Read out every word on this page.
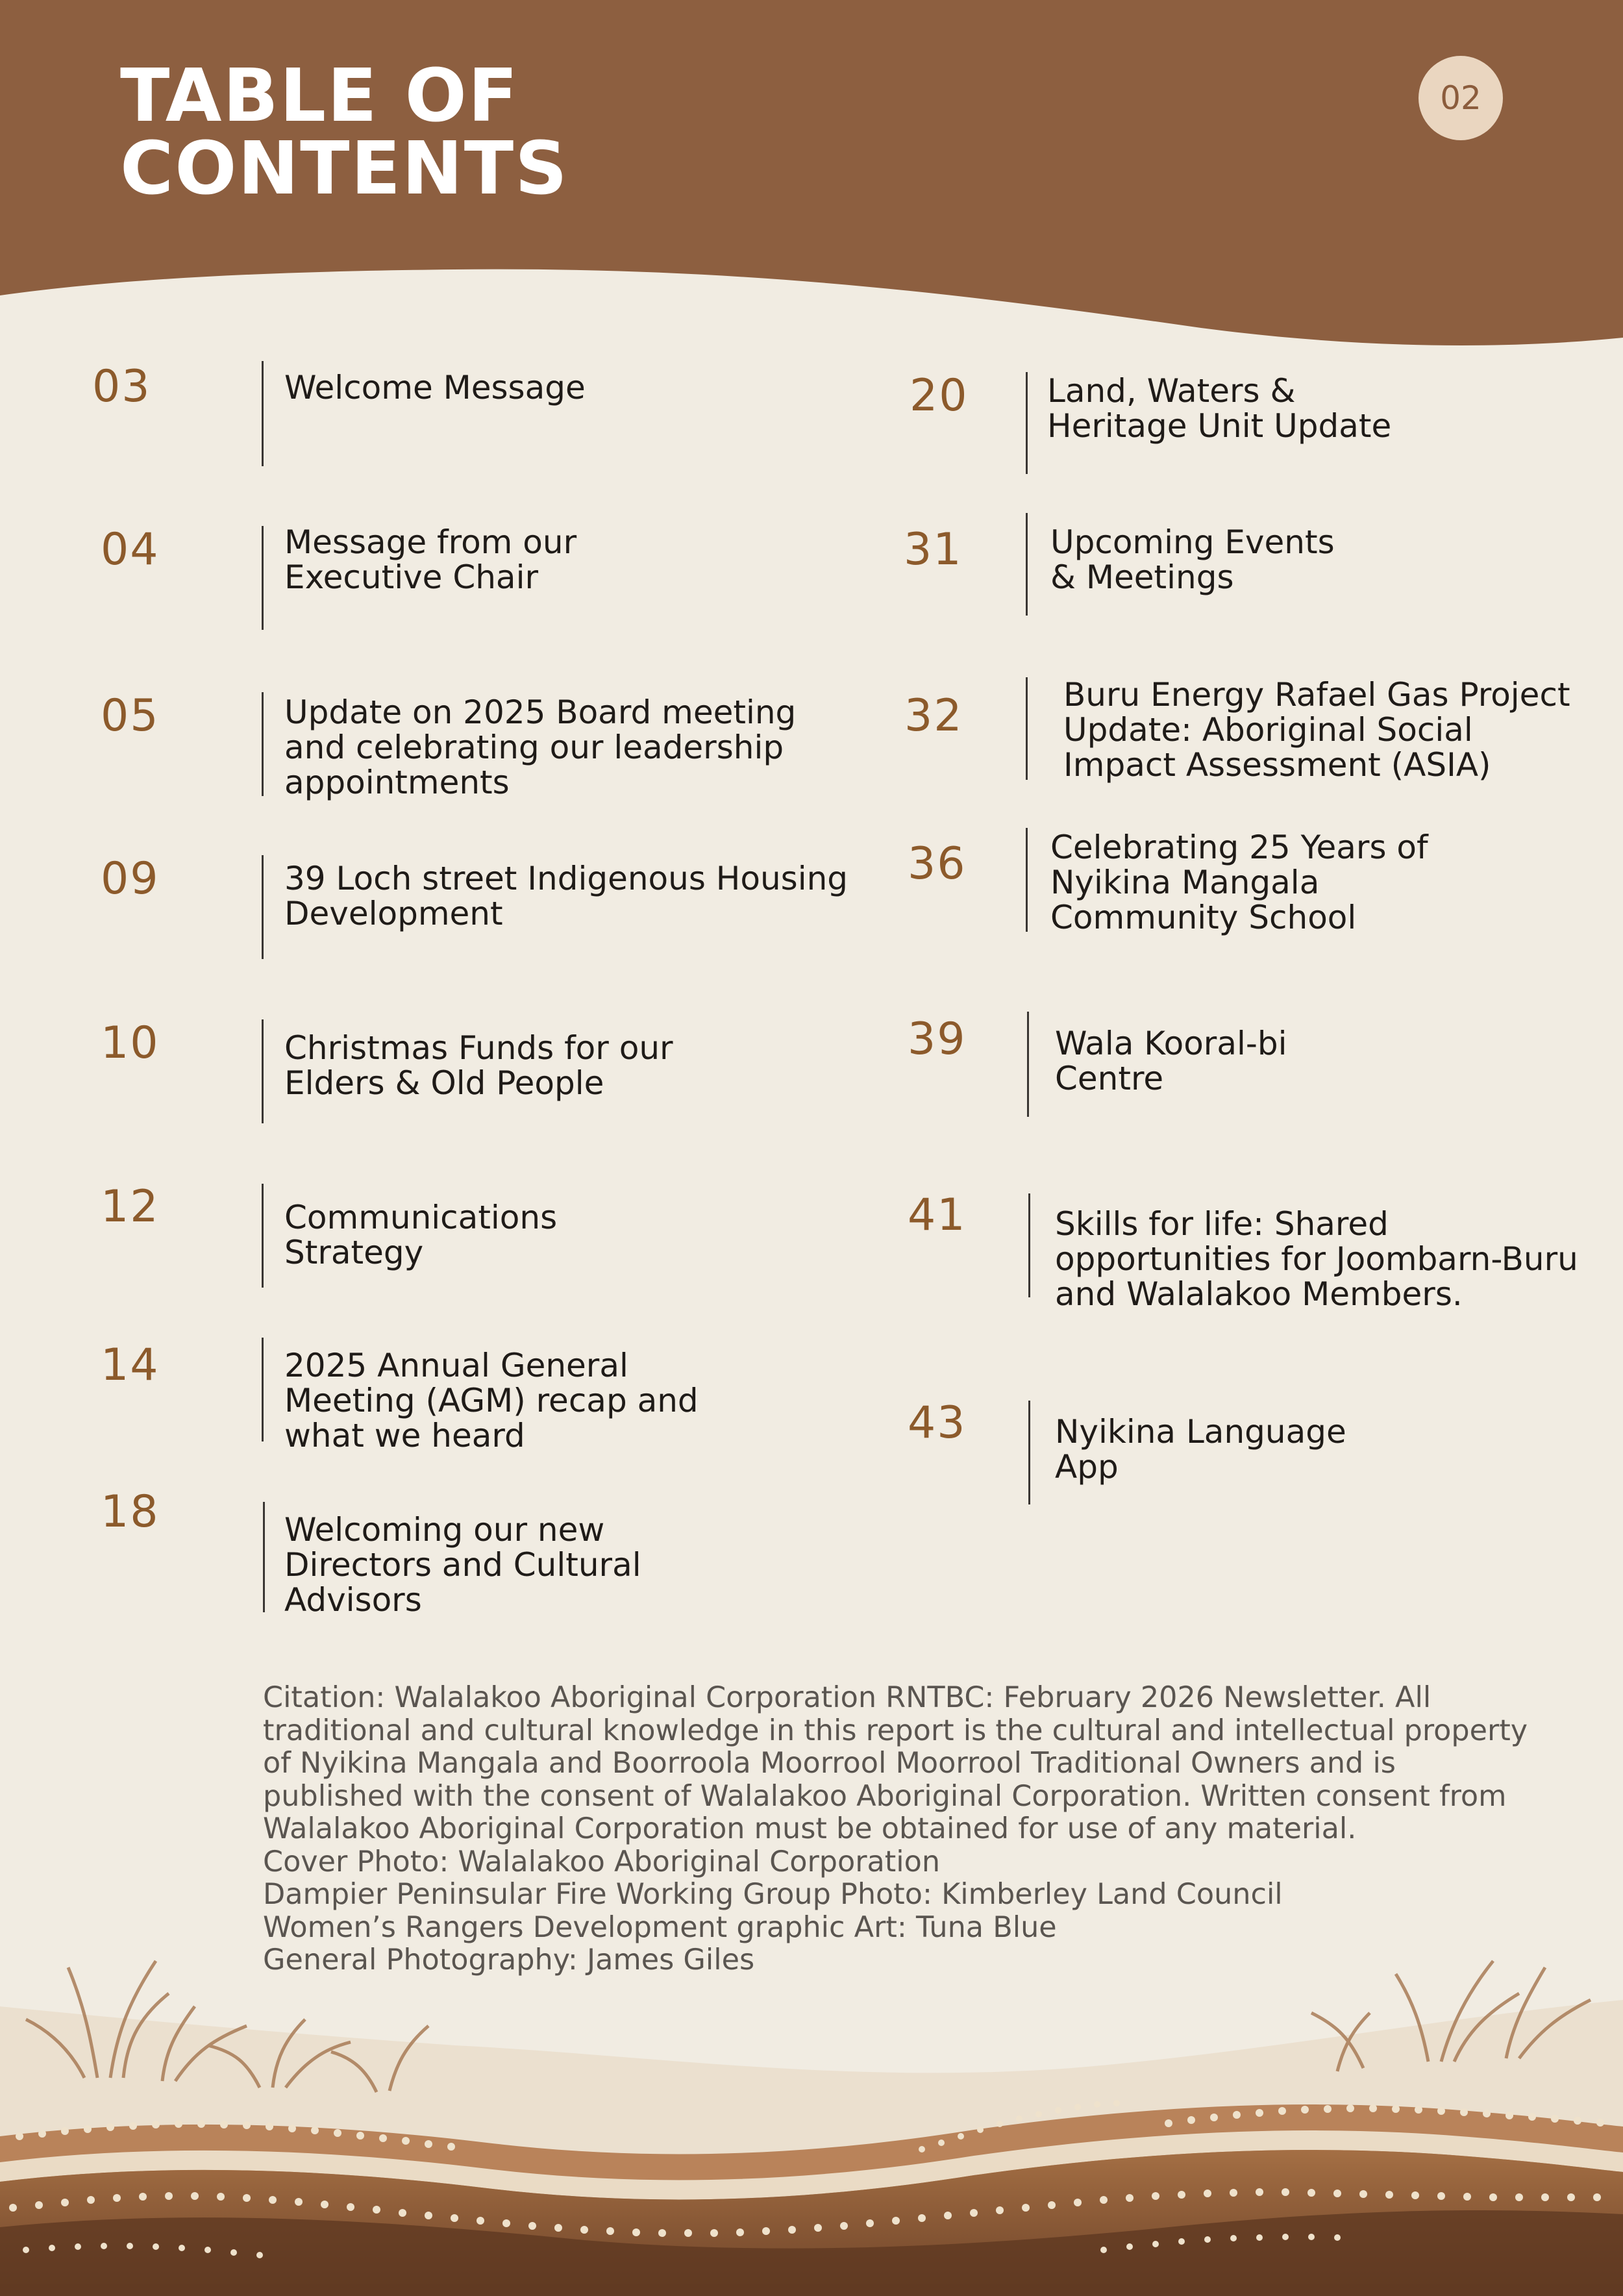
TABLE OF
CONTENTS
02
03	Welcome Message
04	Message from our
Executive Chair
05	Update on 2025 Board meeting
and celebrating our leadership
appointments
09	39 Loch street Indigenous Housing
Development
10	Christmas Funds for our
Elders & Old People
12	Communications
Strategy
14	2025 Annual General
Meeting (AGM) recap and
what we heard
18	Welcoming our new
Directors and Cultural
Advisors
20 Land, Waters &
Heritage Unit Update
31	Upcoming Events
& Meetings
32	Buru Energy Rafael Gas Project
Update: Aboriginal Social
Impact Assessment (ASIA)
36	Celebrating 25 Years of
Nyikina Mangala
Community School
39	Wala Kooral-bi
Centre
41	Skills for life: Shared
opportunities for Joombarn-Buru
and Walalakoo Members.
43	Nyikina Language
App
Citation: Walalakoo Aboriginal Corporation RNTBC: February 2026 Newsletter. All
traditional and cultural knowledge in this report is the cultural and intellectual property
of Nyikina Mangala and Boorroola Moorrool Moorrool Traditional Owners and is
published with the consent of Walalakoo Aboriginal Corporation. Written consent from
Walalakoo Aboriginal Corporation must be obtained for use of any material.
Cover Photo: Walalakoo Aboriginal Corporation
Dampier Peninsular Fire Working Group Photo: Kimberley Land Council
Women’s Rangers Development graphic Art: Tuna Blue
General Photography: James Giles
